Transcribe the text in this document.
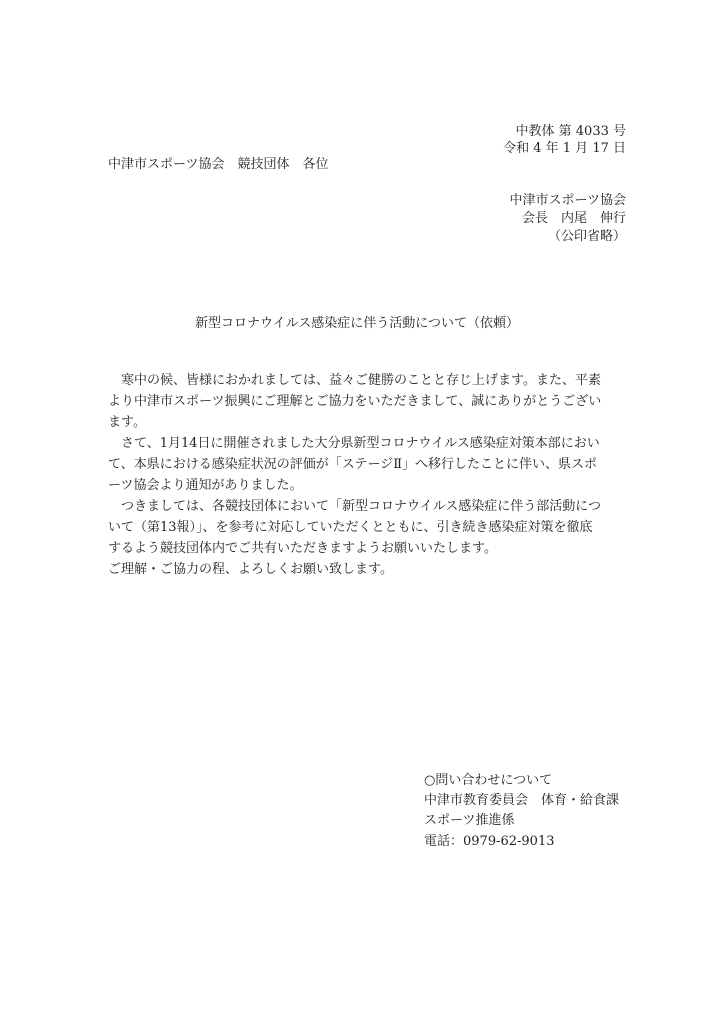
中教体 第 4033 号
令和 4 年 1 月 17 日
中津市スポーツ協会　競技団体　各位
中津市スポーツ協会
会長　内尾　伸行
（公印省略）
新型コロナウイルス感染症に伴う活動について（依頼）
　寒中の候、皆様におかれましては、益々ご健勝のことと存じ上げます。また、平素
より中津市スポーツ振興にご理解とご協力をいただきまして、誠にありがとうござい
ます。
　さて、1月14日に開催されました大分県新型コロナウイルス感染症対策本部におい
て、本県における感染症状況の評価が「ステージⅡ」へ移行したことに伴い、県スポ
ーツ協会より通知がありました。
　つきましては、各競技団体において「新型コロナウイルス感染症に伴う部活動につ
いて（第13報）」、を参考に対応していただくとともに、引き続き感染症対策を徹底
するよう競技団体内でご共有いただきますようお願いいたします。
ご理解・ご協力の程、よろしくお願い致します。
○問い合わせについて
中津市教育委員会　体育・給食課
スポーツ推進係
電話：0979-62-9013
